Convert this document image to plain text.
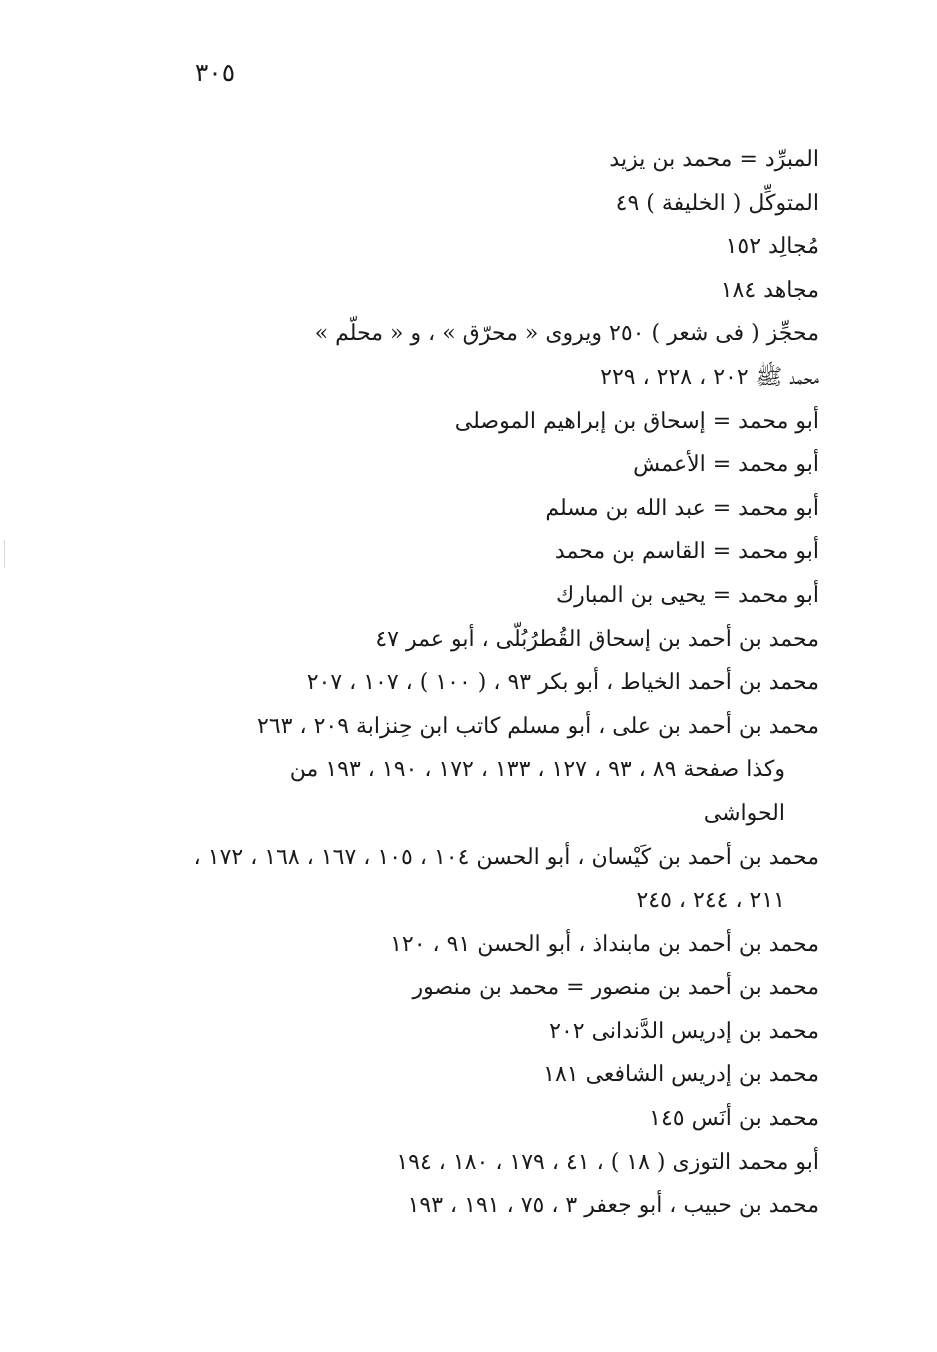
٣٠٥
المبرِّد = محمد بن يزيد
المتوكِّل ( الخليفة ) ٤٩
مُجالِد ١٥٢
مجاهد ١٨٤
محجِّز ( فى شعر ) ٢٥٠ ويروى « محرّق » ، و « محلّم »
محمد ﷺ ٢٠٢ ، ٢٢٨ ، ٢٢٩
أبو محمد = إسحاق بن إبراهيم الموصلى
أبو محمد = الأعمش
أبو محمد = عبد الله بن مسلم
أبو محمد = القاسم بن محمد
أبو محمد = يحيى بن المبارك
محمد بن أحمد بن إسحاق القُطرُبُلّى ، أبو عمر ٤٧
محمد بن أحمد الخياط ، أبو بكر ٩٣ ، ( ١٠٠ ) ، ١٠٧ ، ٢٠٧
محمد بن أحمد بن على ، أبو مسلم كاتب ابن حِنزابة ٢٠٩ ، ٢٦٣
وكذا صفحة ٨٩ ، ٩٣ ، ١٢٧ ، ١٣٣ ، ١٧٢ ، ١٩٠ ، ١٩٣ من
الحواشى
محمد بن أحمد بن كَيْسان ، أبو الحسن ١٠٤ ، ١٠٥ ، ١٦٧ ، ١٦٨ ، ١٧٢ ،
٢١١ ، ٢٤٤ ، ٢٤٥
محمد بن أحمد بن مابنداذ ، أبو الحسن ٩١ ، ١٢٠
محمد بن أحمد بن منصور = محمد بن منصور
محمد بن إدريس الدَّندانى ٢٠٢
محمد بن إدريس الشافعى ١٨١
محمد بن أنَس ١٤٥
أبو محمد التوزى ( ١٨ ) ، ٤١ ، ١٧٩ ، ١٨٠ ، ١٩٤
محمد بن حبيب ، أبو جعفر ٣ ، ٧٥ ، ١٩١ ، ١٩٣
